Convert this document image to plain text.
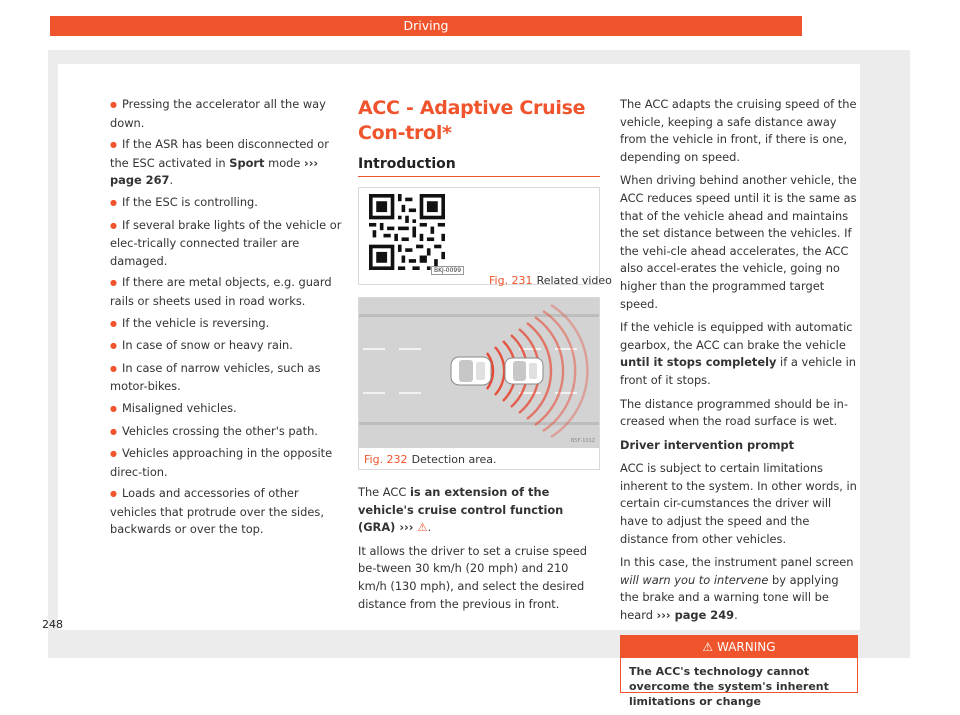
Driving

● Pressing the accelerator all the way down.

● If the ASR has been disconnected or the ESC activated in Sport mode ››› page 267.

● If the ESC is controlling.

● If several brake lights of the vehicle or elec-trically connected trailer are damaged.

● If there are metal objects, e.g. guard rails or sheets used in road works.

● If the vehicle is reversing.

● In case of snow or heavy rain.

● In case of narrow vehicles, such as motor-bikes.

● Misaligned vehicles.

● Vehicles crossing the other's path.

● Vehicles approaching in the opposite direc-tion.

● Loads and accessories of other vehicles that protrude over the sides, backwards or over the top.

ACC - Adaptive Cruise Con-trol*
Introduction
BKJ-0099
Fig. 231 Related video
B5F-1012
Fig. 232 Detection area.

The ACC is an extension of the vehicle's cruise control function (GRA) ››› ⚠.

It allows the driver to set a cruise speed be-tween 30 km/h (20 mph) and 210 km/h (130 mph), and select the desired distance from the previous in front.

The ACC adapts the cruising speed of the vehicle, keeping a safe distance away from the vehicle in front, if there is one, depending on speed.

When driving behind another vehicle, the ACC reduces speed until it is the same as that of the vehicle ahead and maintains the set distance between the vehicles. If the vehi-cle ahead accelerates, the ACC also accel-erates the vehicle, going no higher than the programmed target speed.

If the vehicle is equipped with automatic gearbox, the ACC can brake the vehicle until it stops completely if a vehicle in front of it stops.

The distance programmed should be in-creased when the road surface is wet.

Driver intervention prompt

ACC is subject to certain limitations inherent to the system. In other words, in certain cir-cumstances the driver will have to adjust the speed and the distance from other vehicles.

In this case, the instrument panel screen will warn you to intervene by applying the brake and a warning tone will be heard ››› page 249.

⚠ WARNING
The ACC's technology cannot overcome the system's inherent limitations or change
248
